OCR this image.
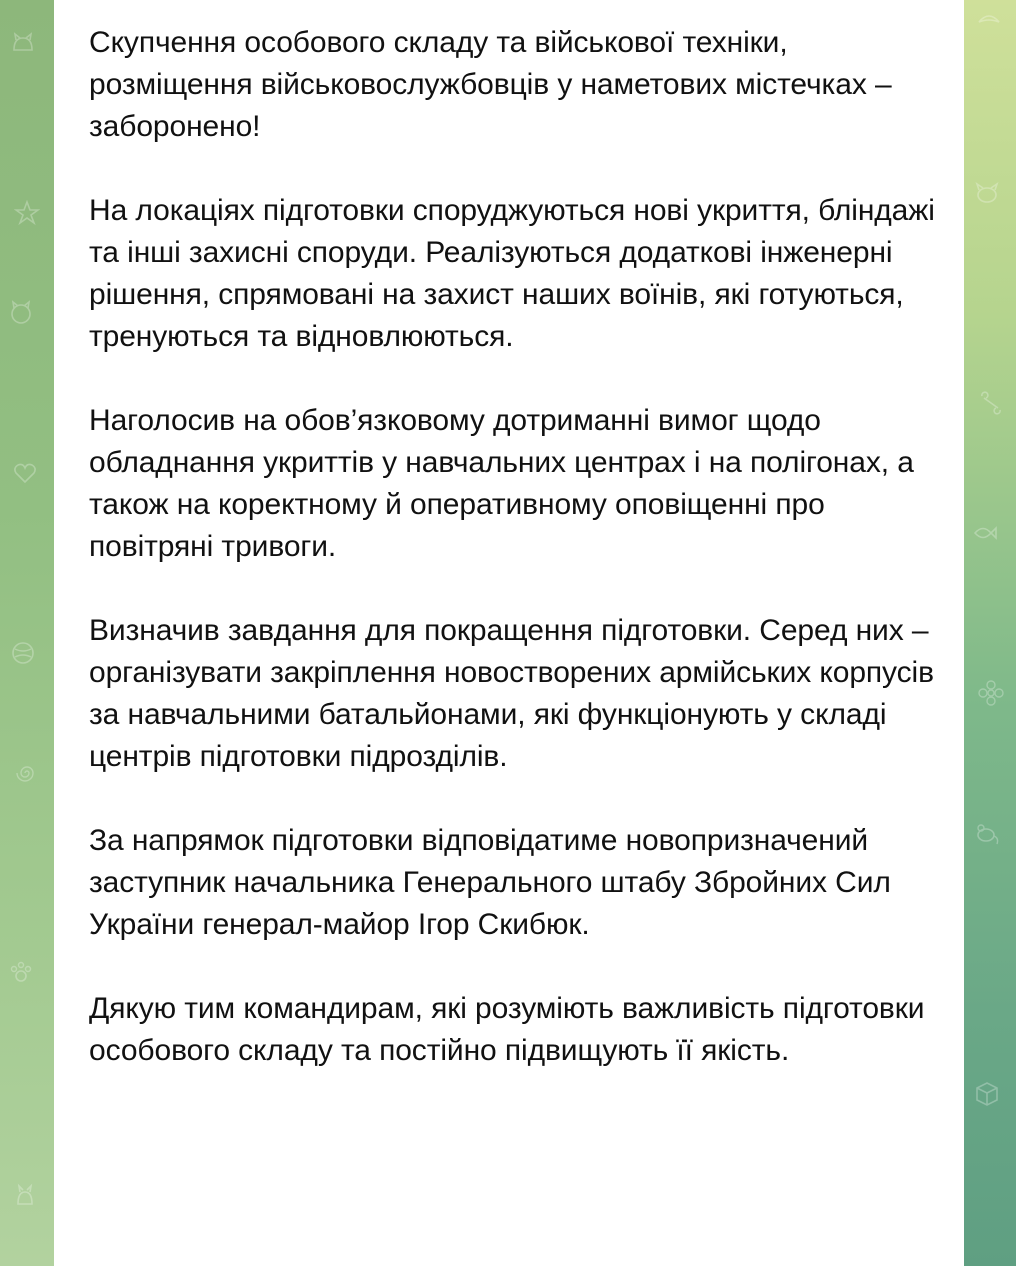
Скупчення особового складу та військової техніки, розміщення військовослужбовців у наметових містечках – заборонено!

На локаціях підготовки споруджуються нові укриття, бліндажі та інші захисні споруди. Реалізуються додаткові інженерні рішення, спрямовані на захист наших воїнів, які готуються, тренуються та відновлюються.

Наголосив на обов’язковому дотриманні вимог щодо обладнання укриттів у навчальних центрах і на полігонах, а також на коректному й оперативному оповіщенні про повітряні тривоги.

Визначив завдання для покращення підготовки. Серед них – організувати закріплення новостворених армійських корпусів за навчальними батальйонами, які функціонують у складі центрів підготовки підрозділів.

За напрямок підготовки відповідатиме новопризначений заступник начальника Генерального штабу Збройних Сил України генерал-майор Ігор Скибюк.

Дякую тим командирам, які розуміють важливість підготовки особового складу та постійно підвищують її якість.
